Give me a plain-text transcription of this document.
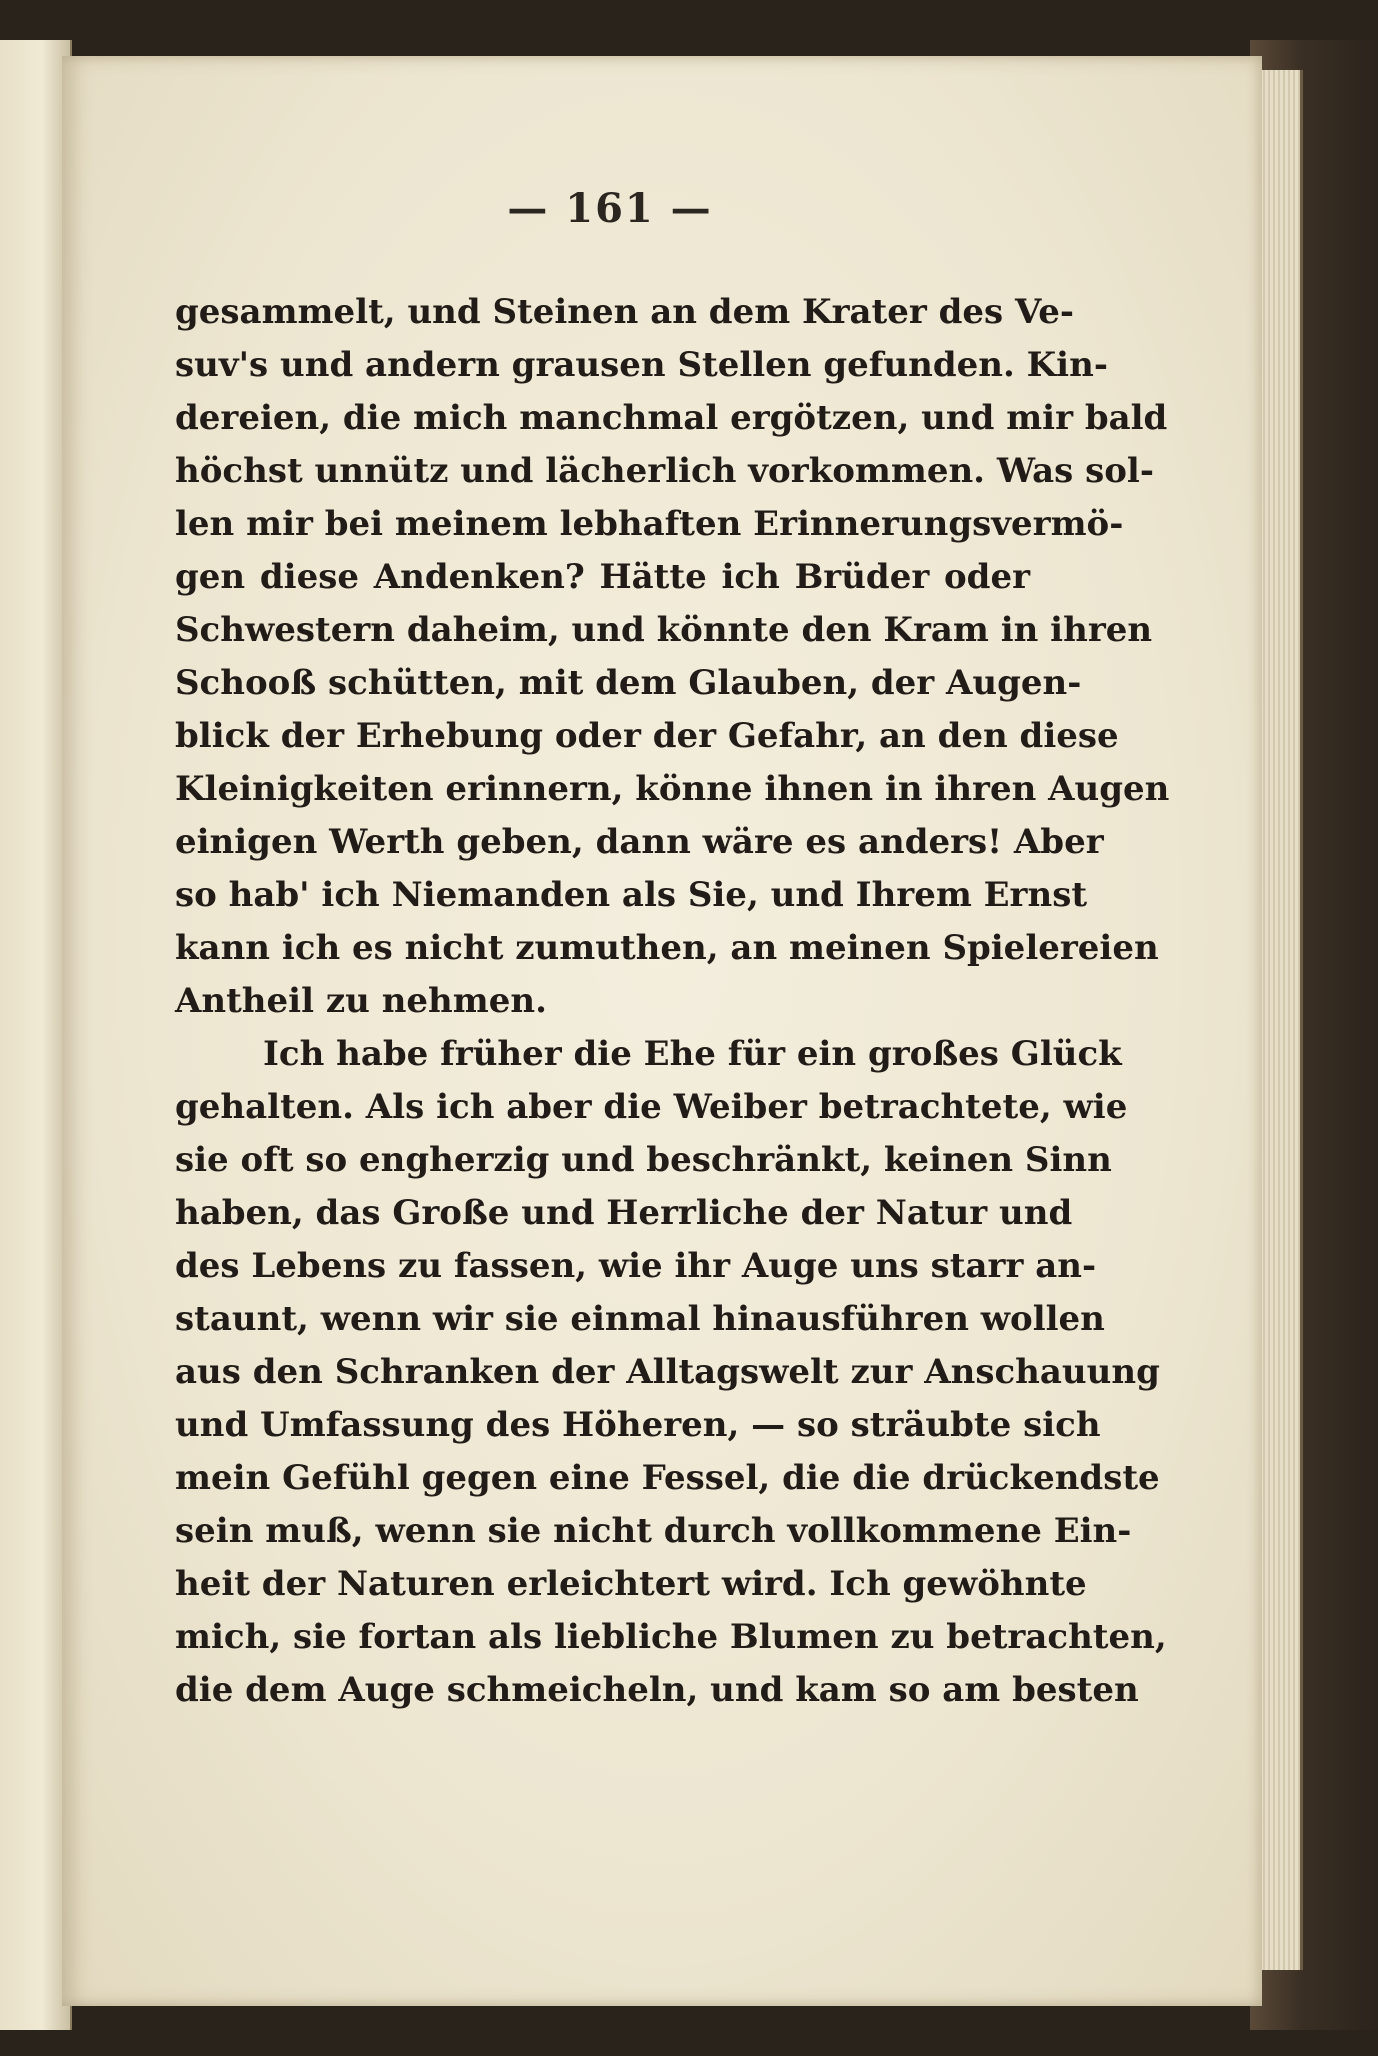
— 161 —
gesammelt, und Steinen an dem Krater des Ve-
suv's und andern grausen Stellen gefunden. Kin-
dereien, die mich manchmal ergötzen, und mir bald
höchst unnütz und lächerlich vorkommen. Was sol-
len mir bei meinem lebhaften Erinnerungsvermö-
gen diese Andenken? Hätte ich Brüder oder
Schwestern daheim, und könnte den Kram in ihren
Schooß schütten, mit dem Glauben, der Augen-
blick der Erhebung oder der Gefahr, an den diese
Kleinigkeiten erinnern, könne ihnen in ihren Augen
einigen Werth geben, dann wäre es anders! Aber
so hab' ich Niemanden als Sie, und Ihrem Ernst
kann ich es nicht zumuthen, an meinen Spielereien
Antheil zu nehmen.
Ich habe früher die Ehe für ein großes Glück
gehalten. Als ich aber die Weiber betrachtete, wie
sie oft so engherzig und beschränkt, keinen Sinn
haben, das Große und Herrliche der Natur und
des Lebens zu fassen, wie ihr Auge uns starr an-
staunt, wenn wir sie einmal hinausführen wollen
aus den Schranken der Alltagswelt zur Anschauung
und Umfassung des Höheren, — so sträubte sich
mein Gefühl gegen eine Fessel, die die drückendste
sein muß, wenn sie nicht durch vollkommene Ein-
heit der Naturen erleichtert wird. Ich gewöhnte
mich, sie fortan als liebliche Blumen zu betrachten,
die dem Auge schmeicheln, und kam so am besten
